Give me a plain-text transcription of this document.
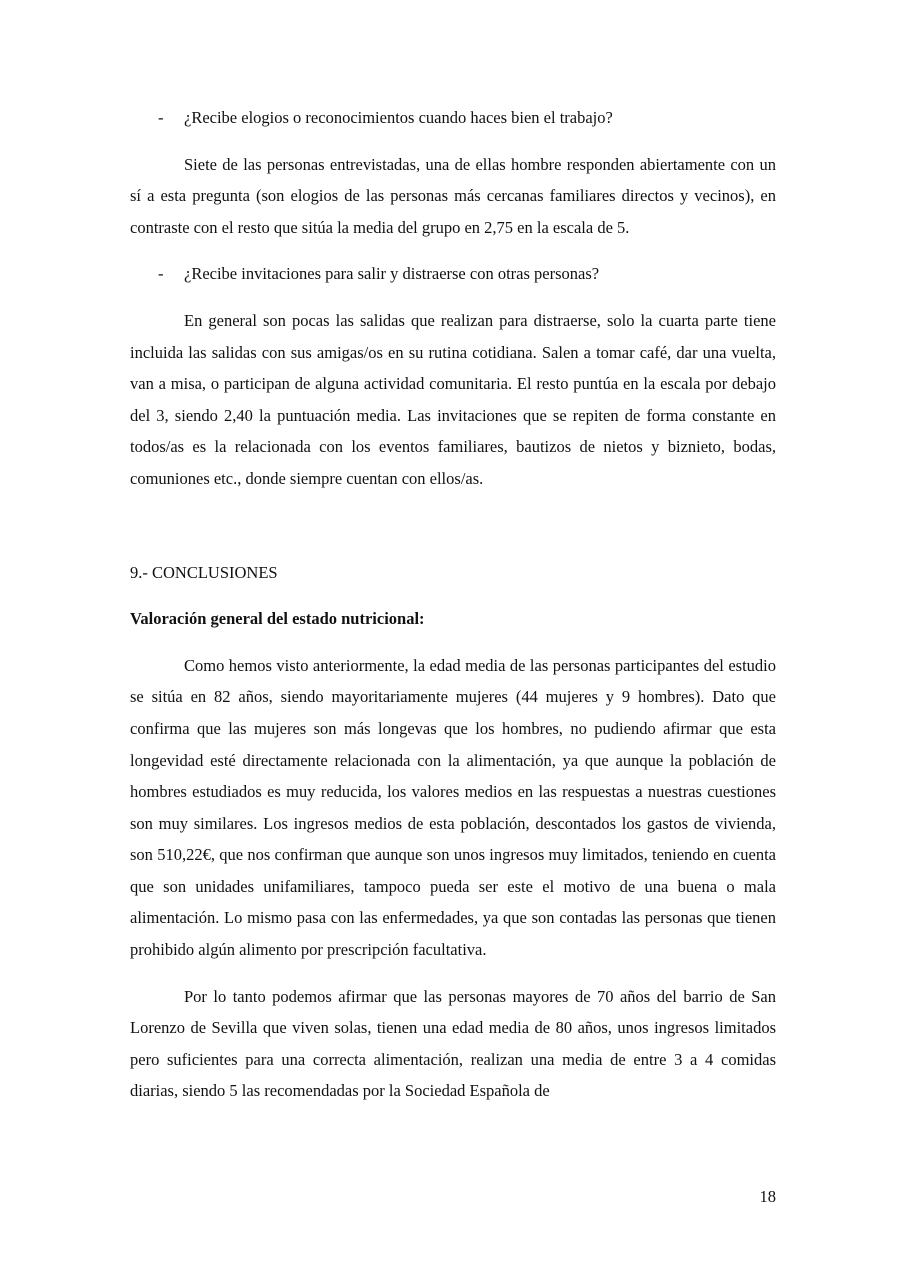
- ¿Recibe elogios o reconocimientos cuando haces bien el trabajo?

Siete de las personas entrevistadas, una de ellas hombre responden abiertamente con un sí a esta pregunta (son elogios de las personas más cercanas familiares directos y vecinos), en contraste con el resto que sitúa la media del grupo en 2,75 en la escala de 5.

- ¿Recibe invitaciones para salir y distraerse con otras personas?

En general son pocas las salidas que realizan para distraerse, solo la cuarta parte tiene incluida las salidas con sus amigas/os en su rutina cotidiana. Salen a tomar café, dar una vuelta, van a misa, o participan de alguna actividad comunitaria. El resto puntúa en la escala por debajo del 3, siendo 2,40 la puntuación media. Las invitaciones que se repiten de forma constante en todos/as es la relacionada con los eventos familiares, bautizos de nietos y biznieto, bodas, comuniones etc., donde siempre cuentan con ellos/as.

9.- CONCLUSIONES
Valoración general del estado nutricional:

Como hemos visto anteriormente, la edad media de las personas participantes del estudio se sitúa en 82 años, siendo mayoritariamente mujeres (44 mujeres y 9 hombres). Dato que confirma que las mujeres son más longevas que los hombres, no pudiendo afirmar que esta longevidad esté directamente relacionada con la alimentación, ya que aunque la población de hombres estudiados es muy reducida, los valores medios en las respuestas a nuestras cuestiones son muy similares. Los ingresos medios de esta población, descontados los gastos de vivienda, son 510,22€, que nos confirman que aunque son unos ingresos muy limitados, teniendo en cuenta que son unidades unifamiliares, tampoco pueda ser este el motivo de una buena o mala alimentación. Lo mismo pasa con las enfermedades, ya que son contadas las personas que tienen prohibido algún alimento por prescripción facultativa.

Por lo tanto podemos afirmar que las personas mayores de 70 años del barrio de San Lorenzo de Sevilla que viven solas, tienen una edad media de 80 años, unos ingresos limitados pero suficientes para una correcta alimentación, realizan una media de entre 3 a 4 comidas diarias, siendo 5 las recomendadas por la Sociedad Española de

18
